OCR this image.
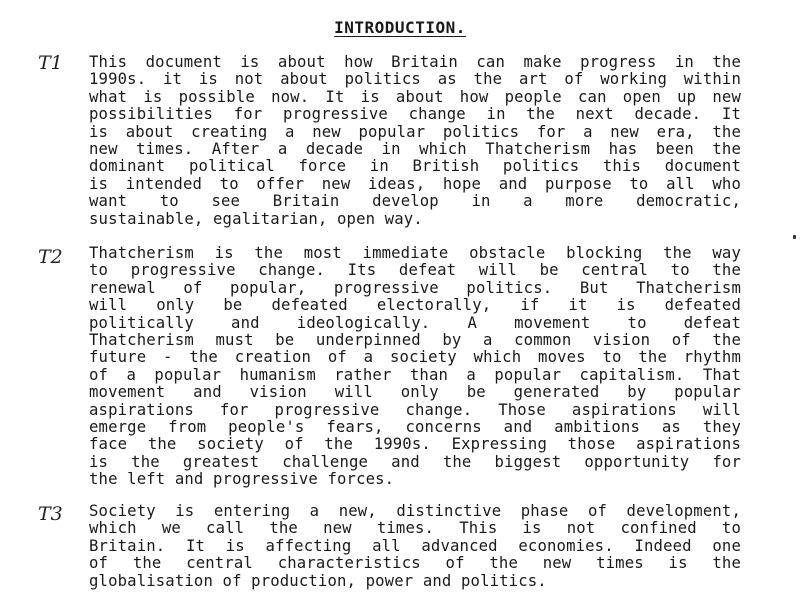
INTRODUCTION.
T1 This document is about how Britain can make progress in the
1990s. it is not about politics as the art of working within
what is possible now. It is about how people can open up new
possibilities for progressive change in the next decade. It
is about creating a new popular politics for a new era, the
new times. After a decade in which Thatcherism has been the
dominant political force in British politics this document
is intended to offer new ideas, hope and purpose to all who
want to see Britain develop in a more democratic,
sustainable, egalitarian, open way.
T2 Thatcherism is the most immediate obstacle blocking the way
to progressive change. Its defeat will be central to the
renewal of popular, progressive politics. But Thatcherism
will only be defeated electorally, if it is defeated
politically and ideologically. A movement to defeat
Thatcherism must be underpinned by a common vision of the
future - the creation of a society which moves to the rhythm
of a popular humanism rather than a popular capitalism. That
movement and vision will only be generated by popular
aspirations for progressive change. Those aspirations will
emerge from people's fears, concerns and ambitions as they
face the society of the 1990s. Expressing those aspirations
is the greatest challenge and the biggest opportunity for
the left and progressive forces.
T3 Society is entering a new, distinctive phase of development,
which we call the new times. This is not confined to
Britain. It is affecting all advanced economies. Indeed one
of the central characteristics of the new times is the
globalisation of production, power and politics.
